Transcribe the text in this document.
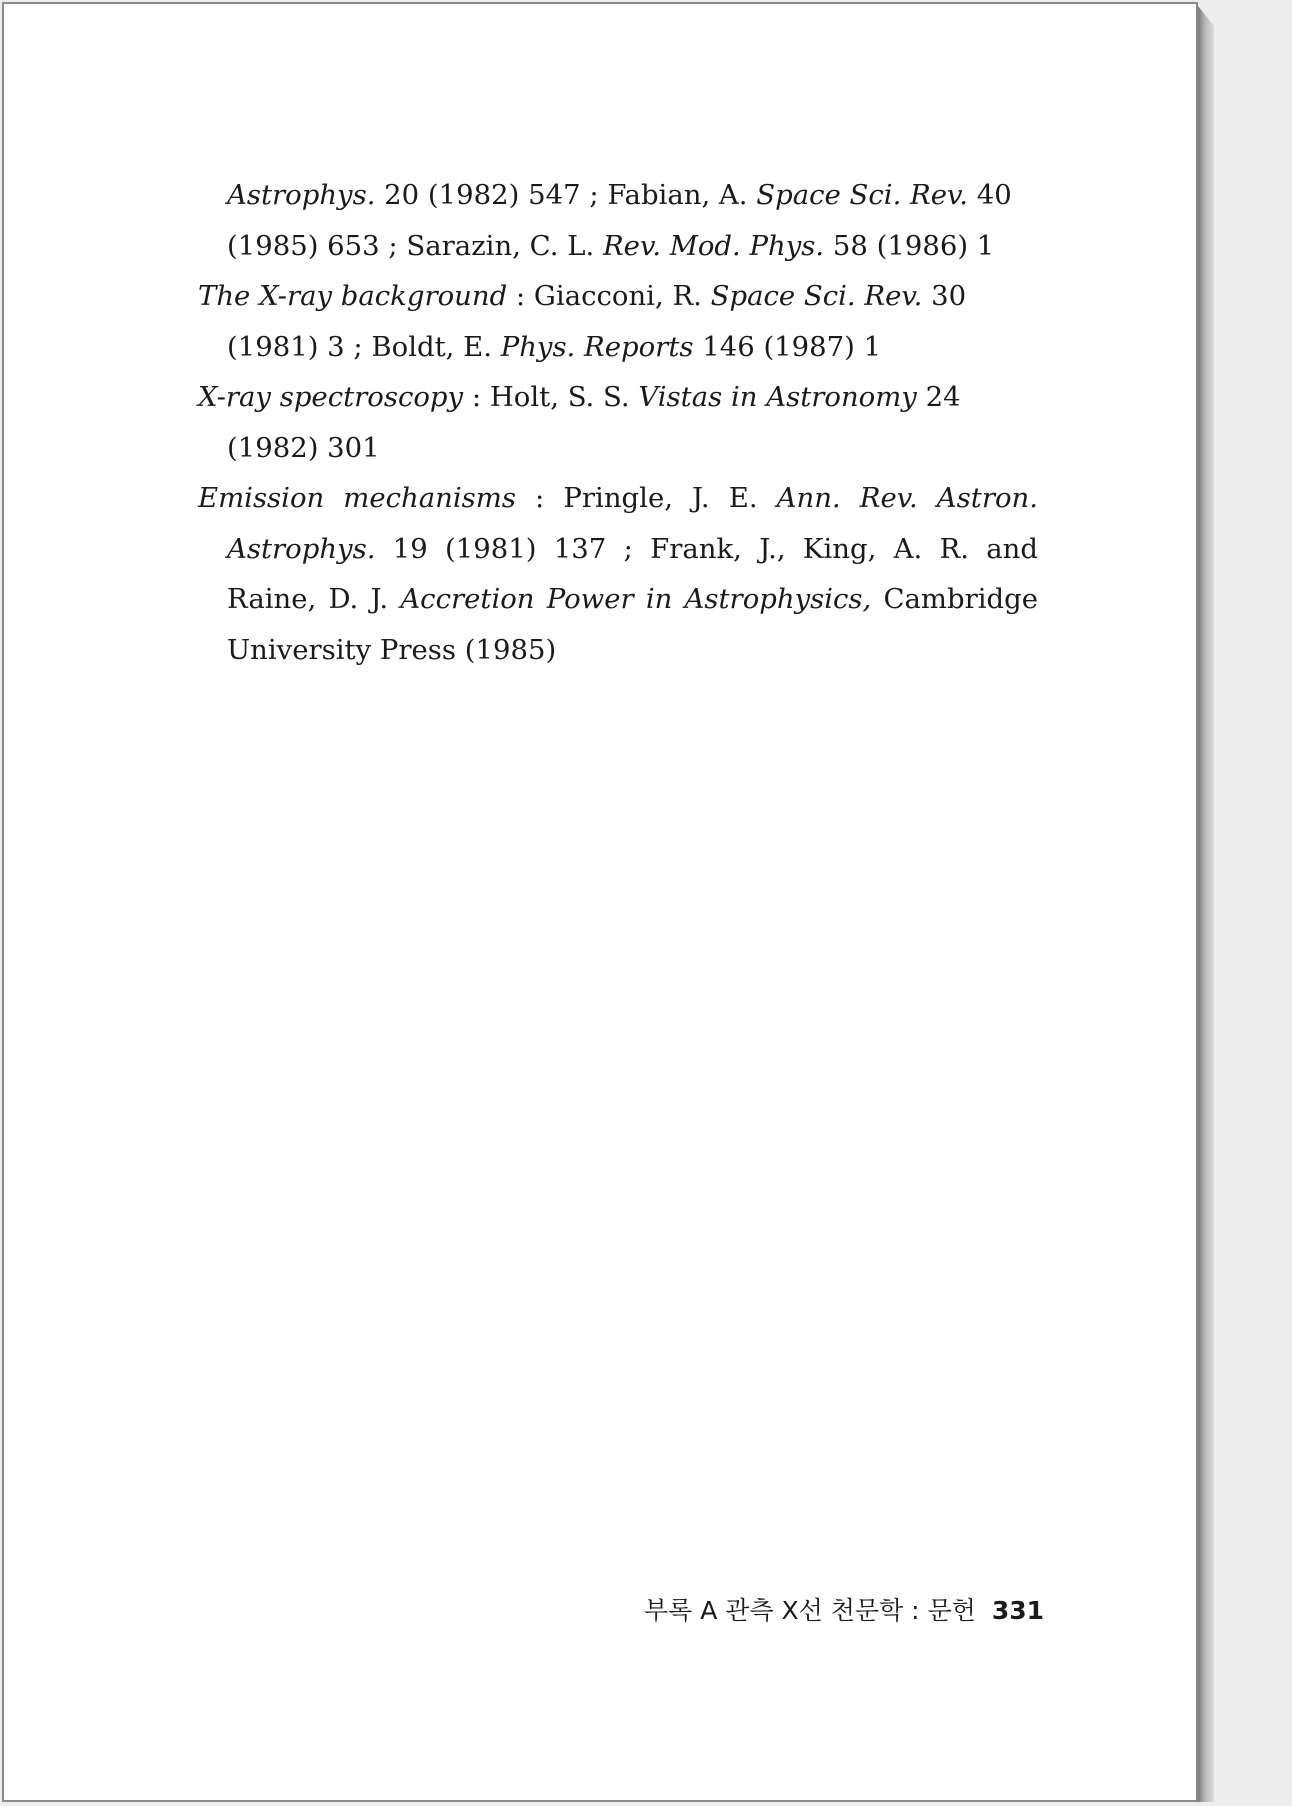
Astrophys. 20 (1982) 547 ; Fabian, A. Space Sci. Rev. 40 (1985) 653 ; Sarazin, C. L. Rev. Mod. Phys. 58 (1986) 1

The X-ray background : Giacconi, R. Space Sci. Rev. 30 (1981) 3 ; Boldt, E. Phys. Reports 146 (1987) 1

X-ray spectroscopy : Holt, S. S. Vistas in Astronomy 24 (1982) 301

Emission mechanisms : Pringle, J. E. Ann. Rev. Astron. Astrophys. 19 (1981) 137 ; Frank, J., King, A. R. and Raine, D. J. Accretion Power in Astrophysics, Cambridge University Press (1985)

부록 A 관측 X선 천문학 : 문헌 331
